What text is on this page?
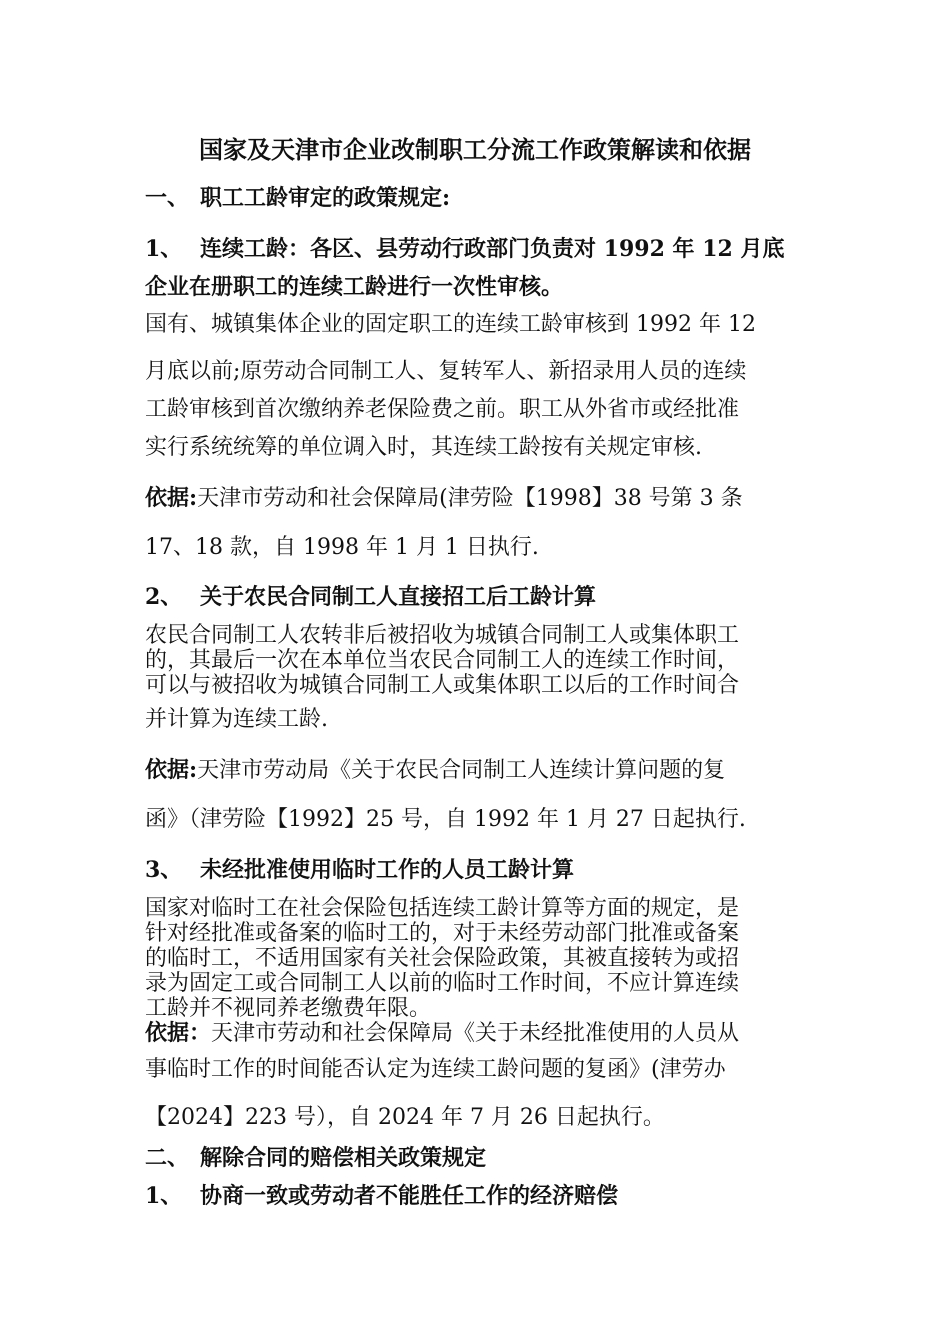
国家及天津市企业改制职工分流工作政策解读和依据
一、 职工工龄审定的政策规定:
1、 连续工龄：各区、县劳动行政部门负责对 1992 年 12 月底
企业在册职工的连续工龄进行一次性审核。
国有、城镇集体企业的固定职工的连续工龄审核到 1992 年 12
月底以前;原劳动合同制工人、复转军人、新招录用人员的连续
工龄审核到首次缴纳养老保险费之前。职工从外省市或经批准
实行系统统筹的单位调入时，其连续工龄按有关规定审核.
依据:天津市劳动和社会保障局(津劳险【1998】38 号第 3 条
17、18 款，自 1998 年 1 月 1 日执行.
2、 关于农民合同制工人直接招工后工龄计算
农民合同制工人农转非后被招收为城镇合同制工人或集体职工
的，其最后一次在本单位当农民合同制工人的连续工作时间，
可以与被招收为城镇合同制工人或集体职工以后的工作时间合
并计算为连续工龄.
依据:天津市劳动局《关于农民合同制工人连续计算问题的复
函》（津劳险【1992】25 号，自 1992 年 1 月 27 日起执行.
3、 未经批准使用临时工作的人员工龄计算
国家对临时工在社会保险包括连续工龄计算等方面的规定，是
针对经批准或备案的临时工的，对于未经劳动部门批准或备案
的临时工，不适用国家有关社会保险政策，其被直接转为或招
录为固定工或合同制工人以前的临时工作时间，不应计算连续
工龄并不视同养老缴费年限。
依据：天津市劳动和社会保障局《关于未经批准使用的人员从
事临时工作的时间能否认定为连续工龄问题的复函》(津劳办
【2024】223 号），自 2024 年 7 月 26 日起执行。
二、 解除合同的赔偿相关政策规定
1、 协商一致或劳动者不能胜任工作的经济赔偿
